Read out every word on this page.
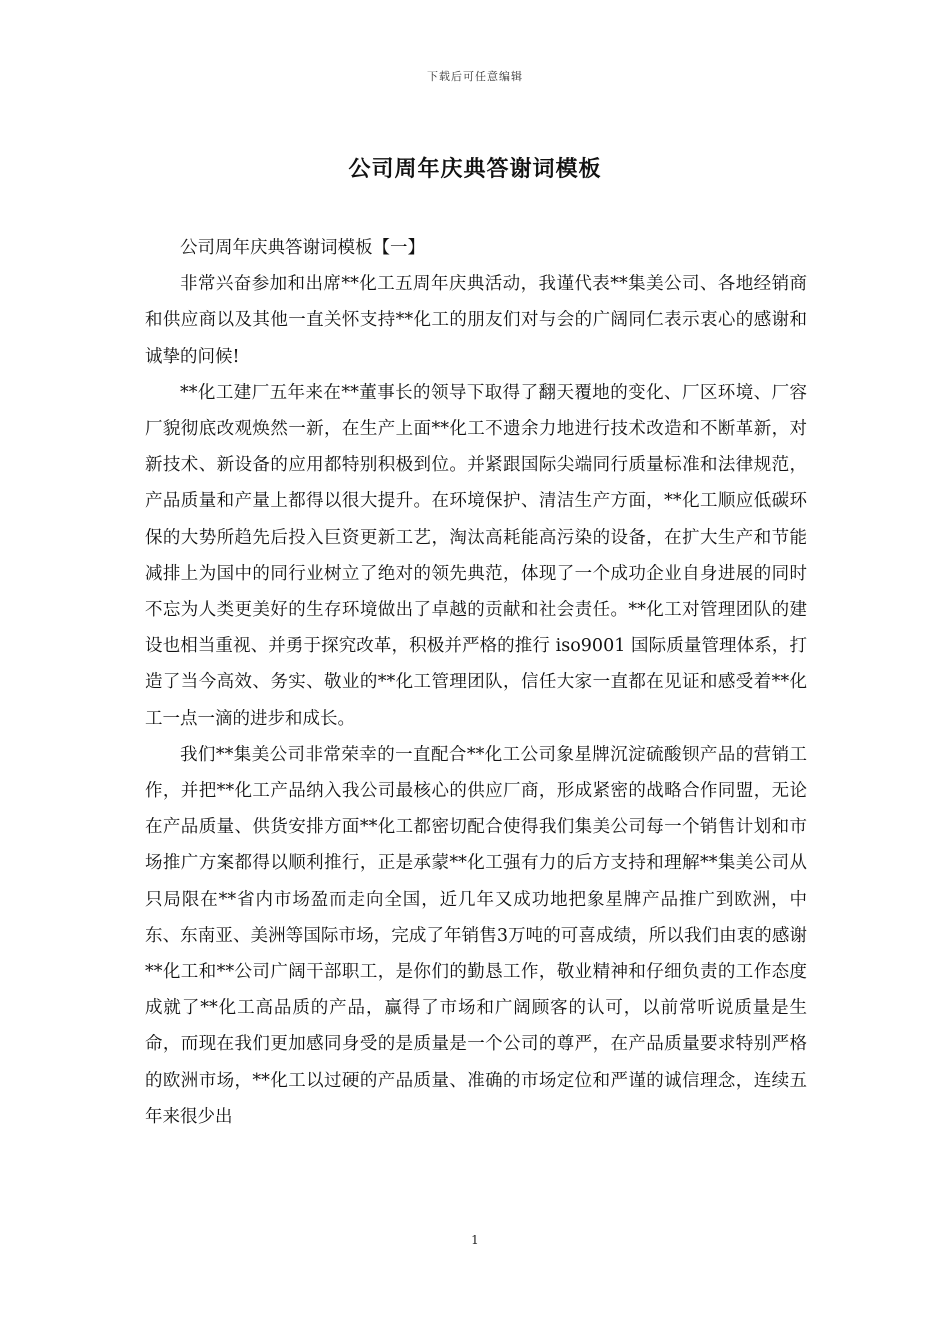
下载后可任意编辑
公司周年庆典答谢词模板

公司周年庆典答谢词模板【一】

非常兴奋参加和出席**化工五周年庆典活动，我谨代表**集美公司、各地经销商和供应商以及其他一直关怀支持**化工的朋友们对与会的广阔同仁表示衷心的感谢和诚挚的问候!

**化工建厂五年来在**董事长的领导下取得了翻天覆地的变化、厂区环境、厂容厂貌彻底改观焕然一新，在生产上面**化工不遗余力地进行技术改造和不断革新，对新技术、新设备的应用都特别积极到位。并紧跟国际尖端同行质量标准和法律规范，产品质量和产量上都得以很大提升。在环境保护、清洁生产方面，**化工顺应低碳环保的大势所趋先后投入巨资更新工艺，淘汰高耗能高污染的设备，在扩大生产和节能减排上为国中的同行业树立了绝对的领先典范，体现了一个成功企业自身进展的同时不忘为人类更美好的生存环境做出了卓越的贡献和社会责任。**化工对管理团队的建设也相当重视、并勇于探究改革，积极并严格的推行 iso9001 国际质量管理体系，打造了当今高效、务实、敬业的**化工管理团队，信任大家一直都在见证和感受着**化工一点一滴的进步和成长。

我们**集美公司非常荣幸的一直配合**化工公司象星牌沉淀硫酸钡产品的营销工作，并把**化工产品纳入我公司最核心的供应厂商，形成紧密的战略合作同盟，无论在产品质量、供货安排方面**化工都密切配合使得我们集美公司每一个销售计划和市场推广方案都得以顺利推行，正是承蒙**化工强有力的后方支持和理解**集美公司从只局限在**省内市场盈而走向全国，近几年又成功地把象星牌产品推广到欧洲，中东、东南亚、美洲等国际市场，完成了年销售3万吨的可喜成绩，所以我们由衷的感谢**化工和**公司广阔干部职工，是你们的勤恳工作，敬业精神和仔细负责的工作态度成就了**化工高品质的产品，赢得了市场和广阔顾客的认可，以前常听说质量是生命，而现在我们更加感同身受的是质量是一个公司的尊严，在产品质量要求特别严格的欧洲市场，**化工以过硬的产品质量、准确的市场定位和严谨的诚信理念，连续五年来很少出

1
